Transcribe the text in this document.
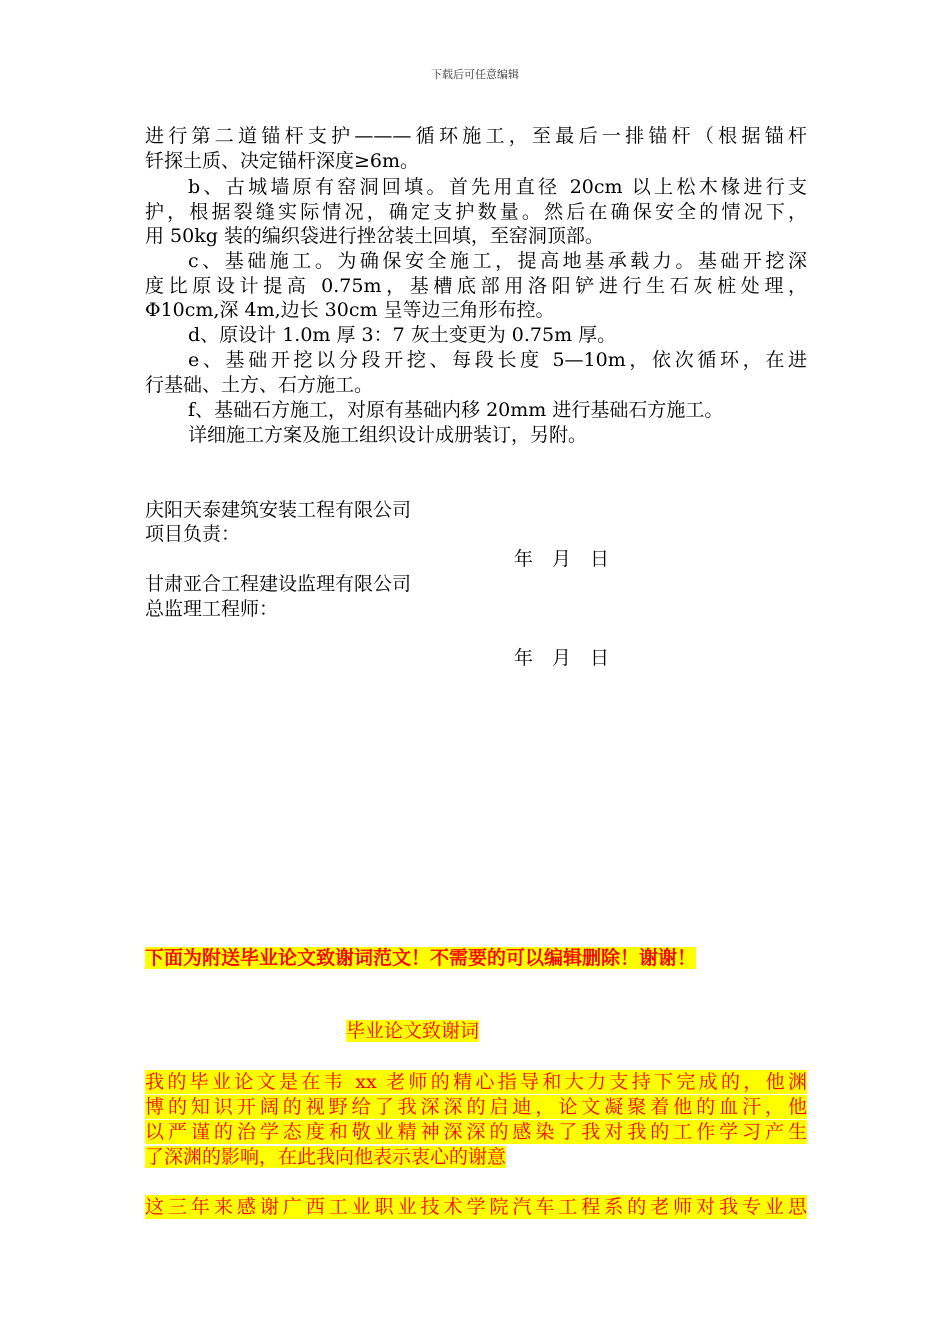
下载后可任意编辑
进行第二道锚杆支护———循环施工，至最后一排锚杆（根据锚杆
钎探土质、决定锚杆深度≥6m。
b、古城墙原有窑洞回填。首先用直径 20cm 以上松木椽进行支
护，根据裂缝实际情况，确定支护数量。然后在确保安全的情况下，
用 50kg 装的编织袋进行挫岔装土回填，至窑洞顶部。
c、基础施工。为确保安全施工，提高地基承载力。基础开挖深
度比原设计提高 0.75m，基槽底部用洛阳铲进行生石灰桩处理，
Φ10cm,深 4m,边长 30cm 呈等边三角形布控。
d、原设计 1.0m 厚 3：7 灰土变更为 0.75m 厚。
e、基础开挖以分段开挖、每段长度 5—10m，依次循环，在进
行基础、土方、石方施工。
f、基础石方施工，对原有基础内移 20mm 进行基础石方施工。
详细施工方案及施工组织设计成册装订，另附。
庆阳天泰建筑安装工程有限公司
项目负责：
年　月　日
甘肃亚合工程建设监理有限公司
总监理工程师：
年　月　日
下面为附送毕业论文致谢词范文！不需要的可以编辑删除！谢谢！
毕业论文致谢词
我的毕业论文是在韦 xx 老师的精心指导和大力支持下完成的，他渊
博的知识开阔的视野给了我深深的启迪，论文凝聚着他的血汗，他
以严谨的治学态度和敬业精神深深的感染了我对我的工作学习产生
了深渊的影响，在此我向他表示衷心的谢意
这三年来感谢广西工业职业技术学院汽车工程系的老师对我专业思
